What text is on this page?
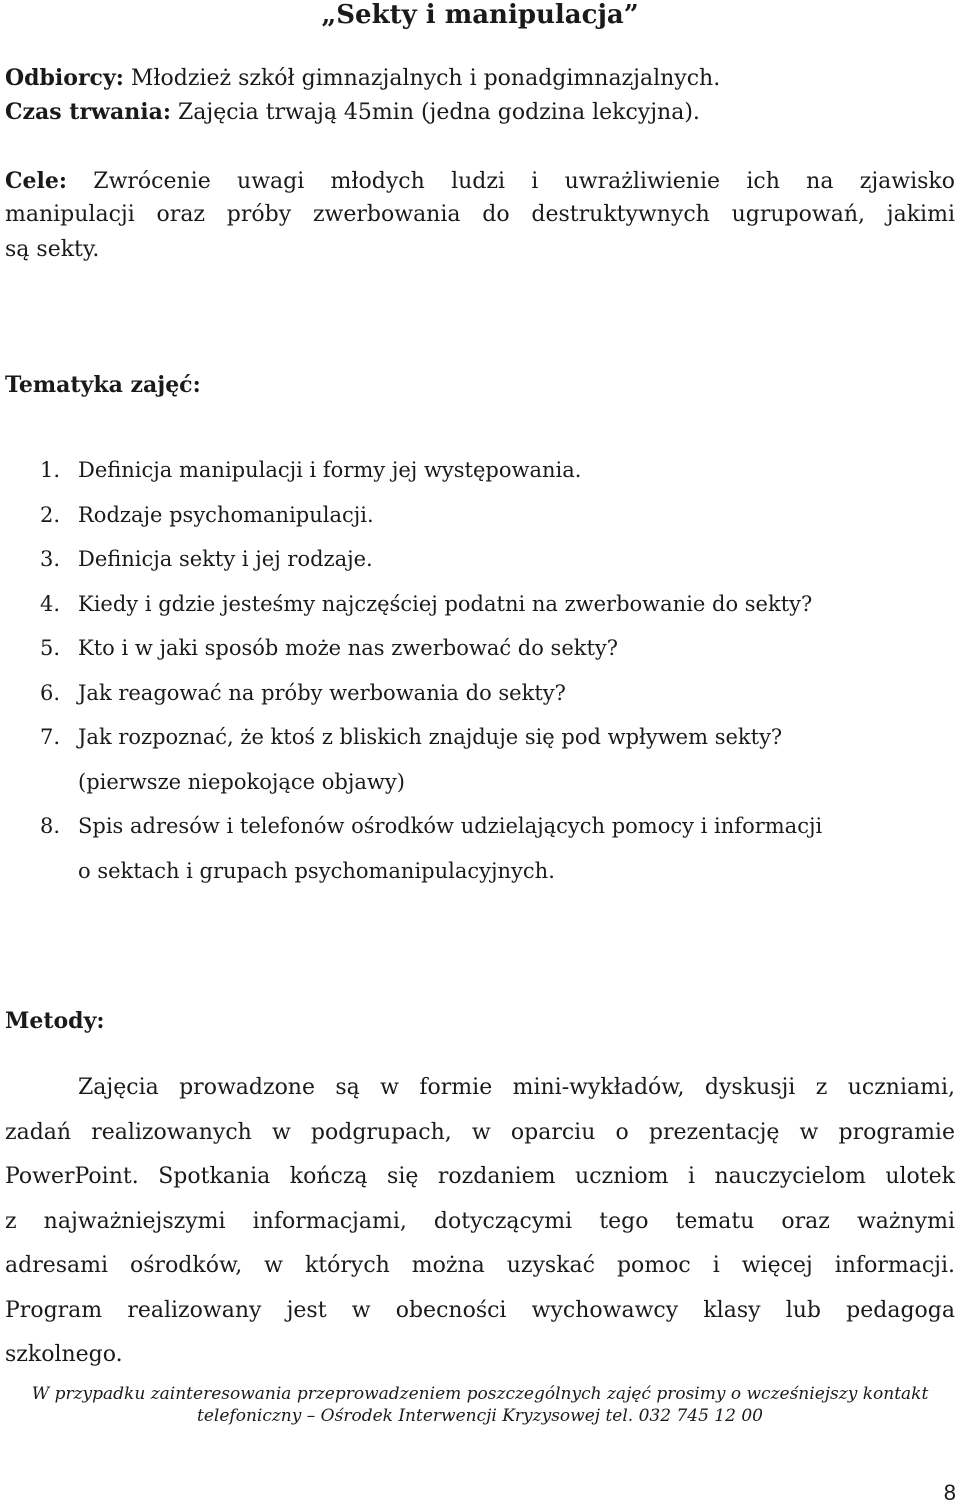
„Sekty i manipulacja”
Odbiorcy: Młodzież szkół gimnazjalnych i ponadgimnazjalnych.
Czas trwania: Zajęcia trwają 45min (jedna godzina lekcyjna).
Cele: Zwrócenie uwagi młodych ludzi i uwrażliwienie ich na zjawisko
manipulacji oraz próby zwerbowania do destruktywnych ugrupowań, jakimi
są sekty.
Tematyka zajęć:
1. Definicja manipulacji i formy jej występowania.
2. Rodzaje psychomanipulacji.
3. Definicja sekty i jej rodzaje.
4. Kiedy i gdzie jesteśmy najczęściej podatni na zwerbowanie do sekty?
5. Kto i w jaki sposób może nas zwerbować do sekty?
6. Jak reagować na próby werbowania do sekty?
7. Jak rozpoznać, że ktoś z bliskich znajduje się pod wpływem sekty?
(pierwsze niepokojące objawy)
8. Spis adresów i telefonów ośrodków udzielających pomocy i informacji
o sektach i grupach psychomanipulacyjnych.
Metody:
Zajęcia prowadzone są w formie mini-wykładów, dyskusji z uczniami,
zadań realizowanych w podgrupach, w oparciu o prezentację w programie
PowerPoint. Spotkania kończą się rozdaniem uczniom i nauczycielom ulotek
z najważniejszymi informacjami, dotyczącymi tego tematu oraz ważnymi
adresami ośrodków, w których można uzyskać pomoc i więcej informacji.
Program realizowany jest w obecności wychowawcy klasy lub pedagoga
szkolnego.
W przypadku zainteresowania przeprowadzeniem poszczególnych zajęć prosimy o wcześniejszy kontakt
telefoniczny – Ośrodek Interwencji Kryzysowej tel. 032 745 12 00
8
